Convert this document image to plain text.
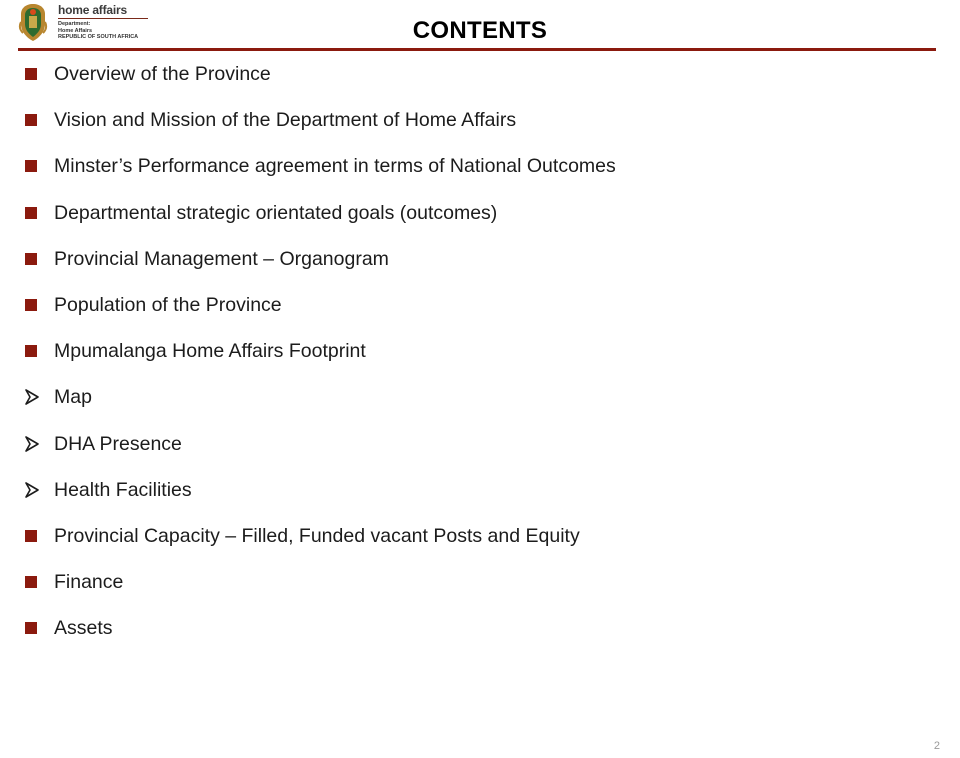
home affairs
Department:
Home Affairs
REPUBLIC OF SOUTH AFRICA	CONTENTS
Overview of the Province
Vision and Mission of the Department of Home Affairs
Minster’s Performance agreement in terms of National Outcomes
Departmental strategic orientated goals (outcomes)
Provincial Management – Organogram
Population of the Province
Mpumalanga Home Affairs Footprint
Map
DHA Presence
Health Facilities
Provincial Capacity – Filled, Funded vacant Posts and Equity
Finance
Assets
2
